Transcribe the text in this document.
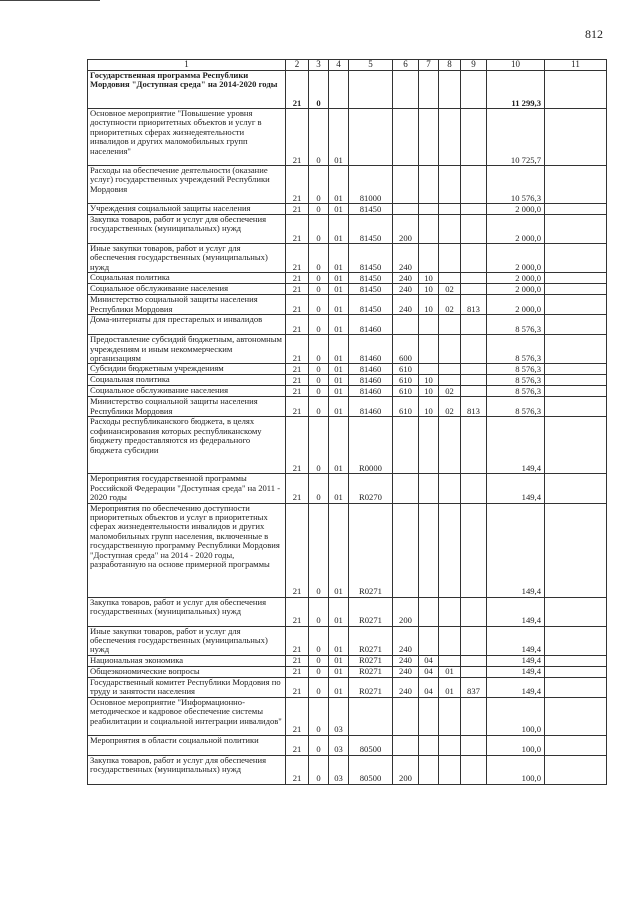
812
1	2	3	4	5	6	7	8	9	10	11
Государственная программа Республики Мордовия "Доступная среда" на 2014-2020 годы	21	0							11 299,3	
Основное мероприятие "Повышение уровня доступности приоритетных объектов и услуг в приоритетных сферах жизнедеятельности инвалидов и других маломобильных групп населения"	21	0	01						10 725,7	
Расходы на обеспечение деятельности (оказание услуг) государственных учреждений Республики Мордовия	21	0	01	81000					10 576,3	
Учреждения социальной защиты населения	21	0	01	81450					2 000,0	
Закупка товаров, работ и услуг для обеспечения государственных (муниципальных) нужд	21	0	01	81450	200				2 000,0	
Иные закупки товаров, работ и услуг для обеспечения государственных (муниципальных) нужд	21	0	01	81450	240				2 000,0	
Социальная политика	21	0	01	81450	240	10			2 000,0	
Социальное обслуживание населения	21	0	01	81450	240	10	02		2 000,0	
Министерство социальной защиты населения Республики Мордовия	21	0	01	81450	240	10	02	813	2 000,0	
Дома-интернаты для престарелых и инвалидов	21	0	01	81460					8 576,3	
Предоставление субсидий бюджетным, автономным учреждениям и иным некоммерческим организациям	21	0	01	81460	600				8 576,3	
Субсидии бюджетным учреждениям	21	0	01	81460	610				8 576,3	
Социальная политика	21	0	01	81460	610	10			8 576,3	
Социальное обслуживание населения	21	0	01	81460	610	10	02		8 576,3	
Министерство социальной защиты населения Республики Мордовия	21	0	01	81460	610	10	02	813	8 576,3	
Расходы республиканского бюджета, в целях софинансирования которых республиканскому бюджету предоставляются из федерального бюджета субсидии	21	0	01	R0000					149,4	
Мероприятия государственной программы Российской Федерации "Доступная среда" на 2011 - 2020 годы	21	0	01	R0270					149,4	
Мероприятия по обеспечению доступности приоритетных объектов и услуг в приоритетных сферах жизнедеятельности инвалидов и других маломобильных групп населения, включенные в государственную программу Республики Мордовия "Доступная среда" на 2014 - 2020 годы, разработанную на основе примерной программы	21	0	01	R0271					149,4	
Закупка товаров, работ и услуг для обеспечения государственных (муниципальных) нужд	21	0	01	R0271	200				149,4	
Иные закупки товаров, работ и услуг для обеспечения государственных (муниципальных) нужд	21	0	01	R0271	240				149,4	
Национальная экономика	21	0	01	R0271	240	04			149,4	
Общеэкономические вопросы	21	0	01	R0271	240	04	01		149,4	
Государственный комитет Республики Мордовия по труду и занятости населения	21	0	01	R0271	240	04	01	837	149,4	
Основное мероприятие "Информационно-методическое и кадровое обеспечение системы реабилитации и социальной интеграции инвалидов"	21	0	03						100,0	
Мероприятия в области социальной политики	21	0	03	80500					100,0	
Закупка товаров, работ и услуг для обеспечения государственных (муниципальных) нужд	21	0	03	80500	200				100,0	
